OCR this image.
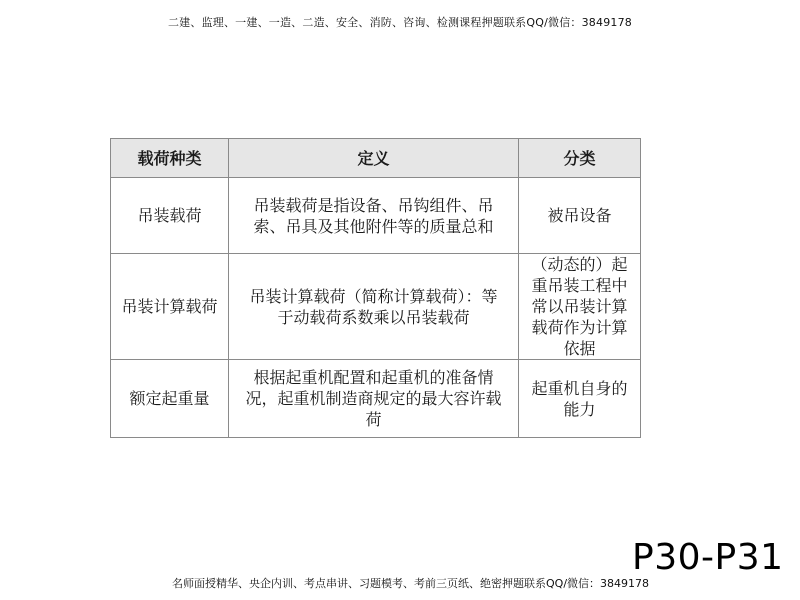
二建、监理、一建、一造、二造、安全、消防、咨询、检测课程押题联系QQ/微信：3849178
载荷种类	定义	分类
吊装载荷	吊装载荷是指设备、吊钩组件、吊索、吊具及其他附件等的质量总和	被吊设备
吊装计算载荷	吊装计算载荷（简称计算载荷）：等于动载荷系数乘以吊装载荷	（动态的）起重吊装工程中常以吊装计算载荷作为计算依据
额定起重量	根据起重机配置和起重机的准备情况，起重机制造商规定的最大容许载荷	起重机自身的能力
P30-P31
名师面授精华、央企内训、考点串讲、习题模考、考前三页纸、绝密押题联系QQ/微信：3849178
